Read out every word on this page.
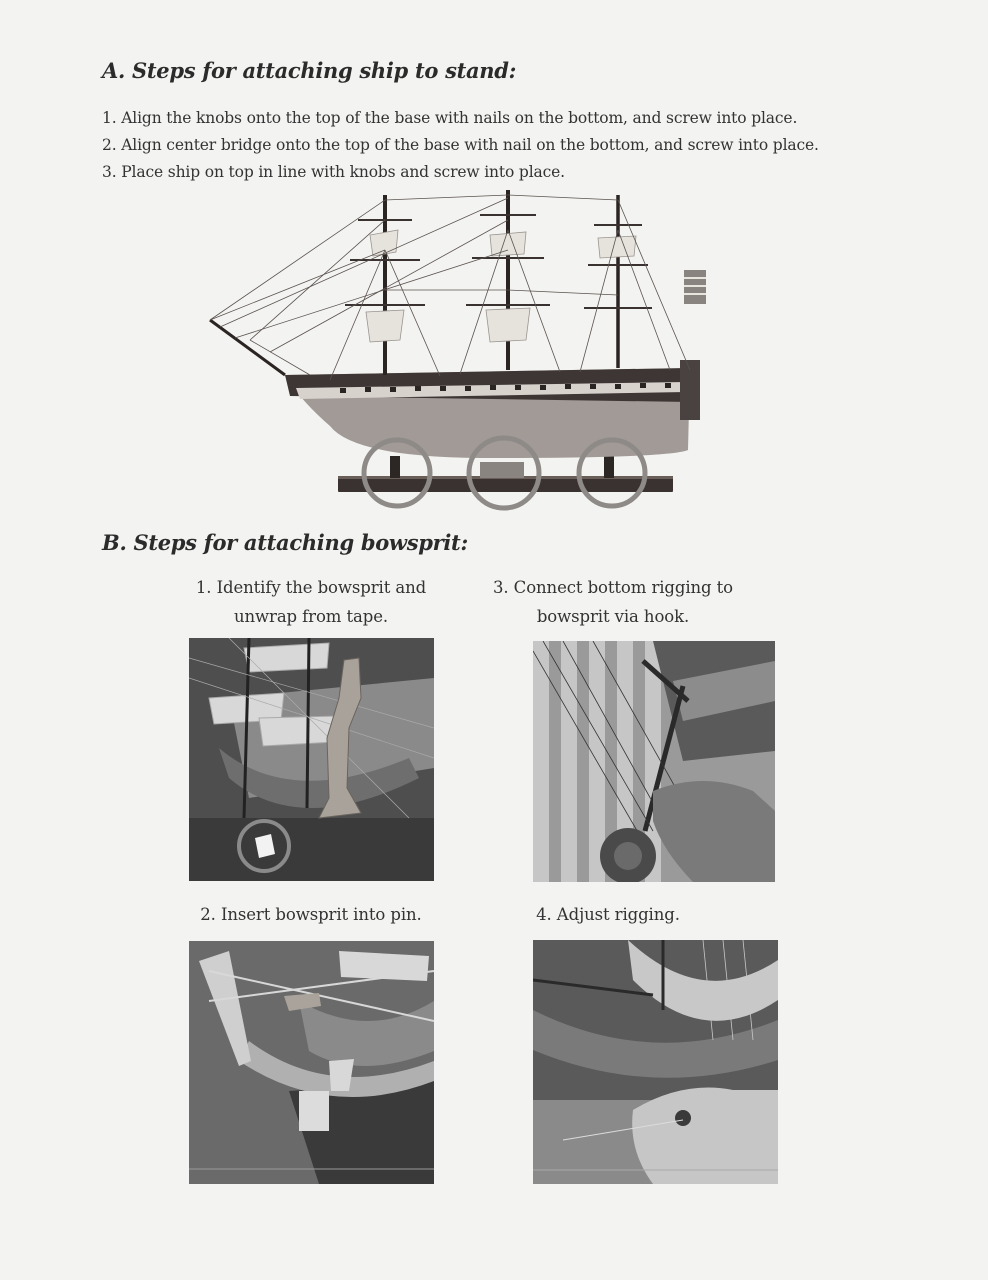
A. Steps for attaching ship to stand:
1. Align the knobs onto the top of the base with nails on the bottom, and screw into place.
2. Align center bridge onto the top of the base with nail on the bottom, and screw into place.
3. Place ship on top in line with knobs and screw into place.
B. Steps for attaching bowsprit:
1. Identify the bowsprit and
unwrap from tape.
3. Connect bottom rigging to
bowsprit via hook.
2. Insert bowsprit into pin.	4. Adjust rigging.
